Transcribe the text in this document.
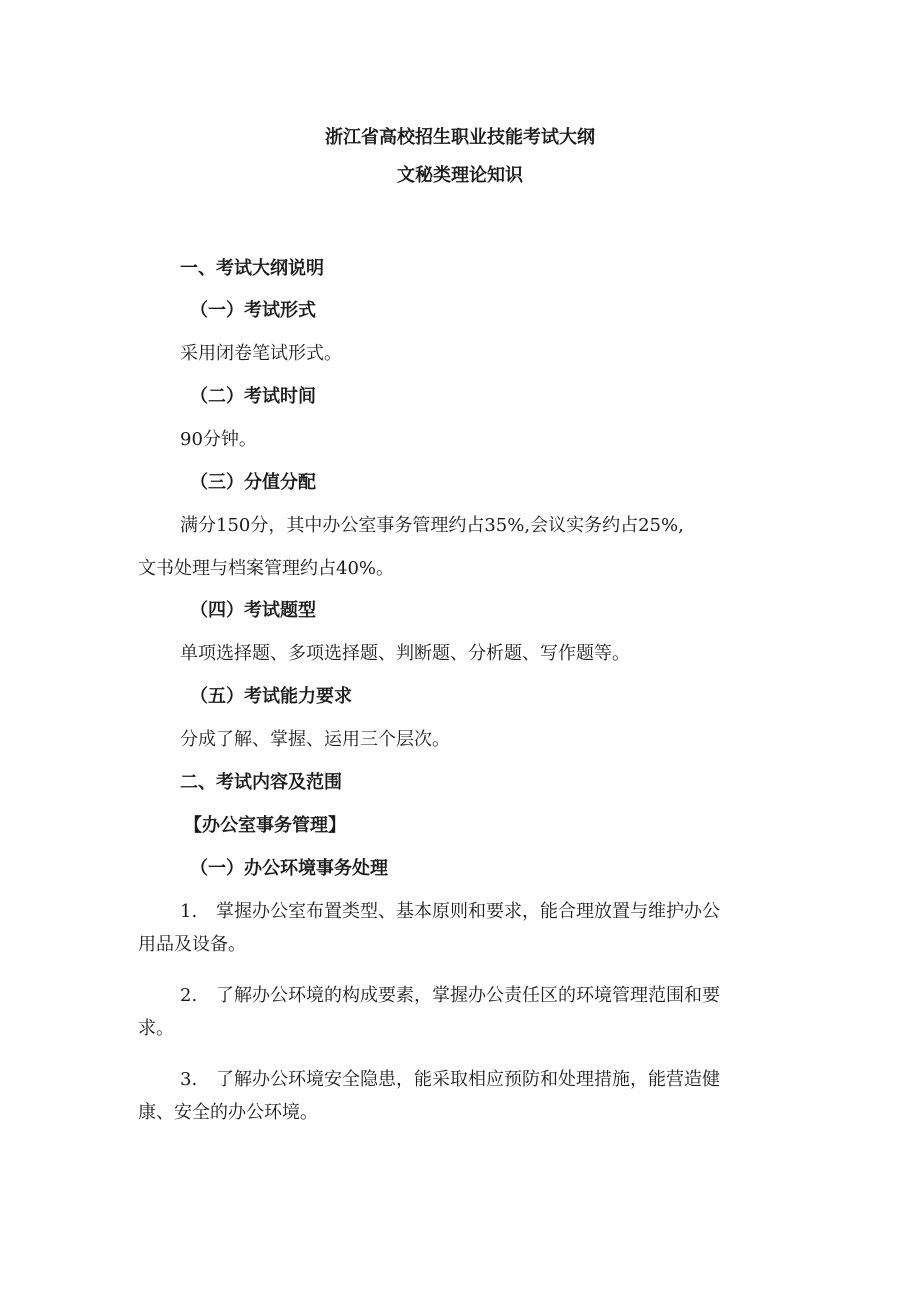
浙江省高校招生职业技能考试大纲
文秘类理论知识
一、考试大纲说明
（一）考试形式
采用闭卷笔试形式。
（二）考试时间
90分钟。
（三）分值分配
满分150分，其中办公室事务管理约占35%,会议实务约占25%,
文书处理与档案管理约占40%。
（四）考试题型
单项选择题、多项选择题、判断题、分析题、写作题等。
（五）考试能力要求
分成了解、掌握、运用三个层次。
二、考试内容及范围
【办公室事务管理】
（一）办公环境事务处理
1. 掌握办公室布置类型、基本原则和要求，能合理放置与维护办公
用品及设备。
2. 了解办公环境的构成要素，掌握办公责任区的环境管理范围和要
求。
3. 了解办公环境安全隐患，能采取相应预防和处理措施，能营造健
康、安全的办公环境。
